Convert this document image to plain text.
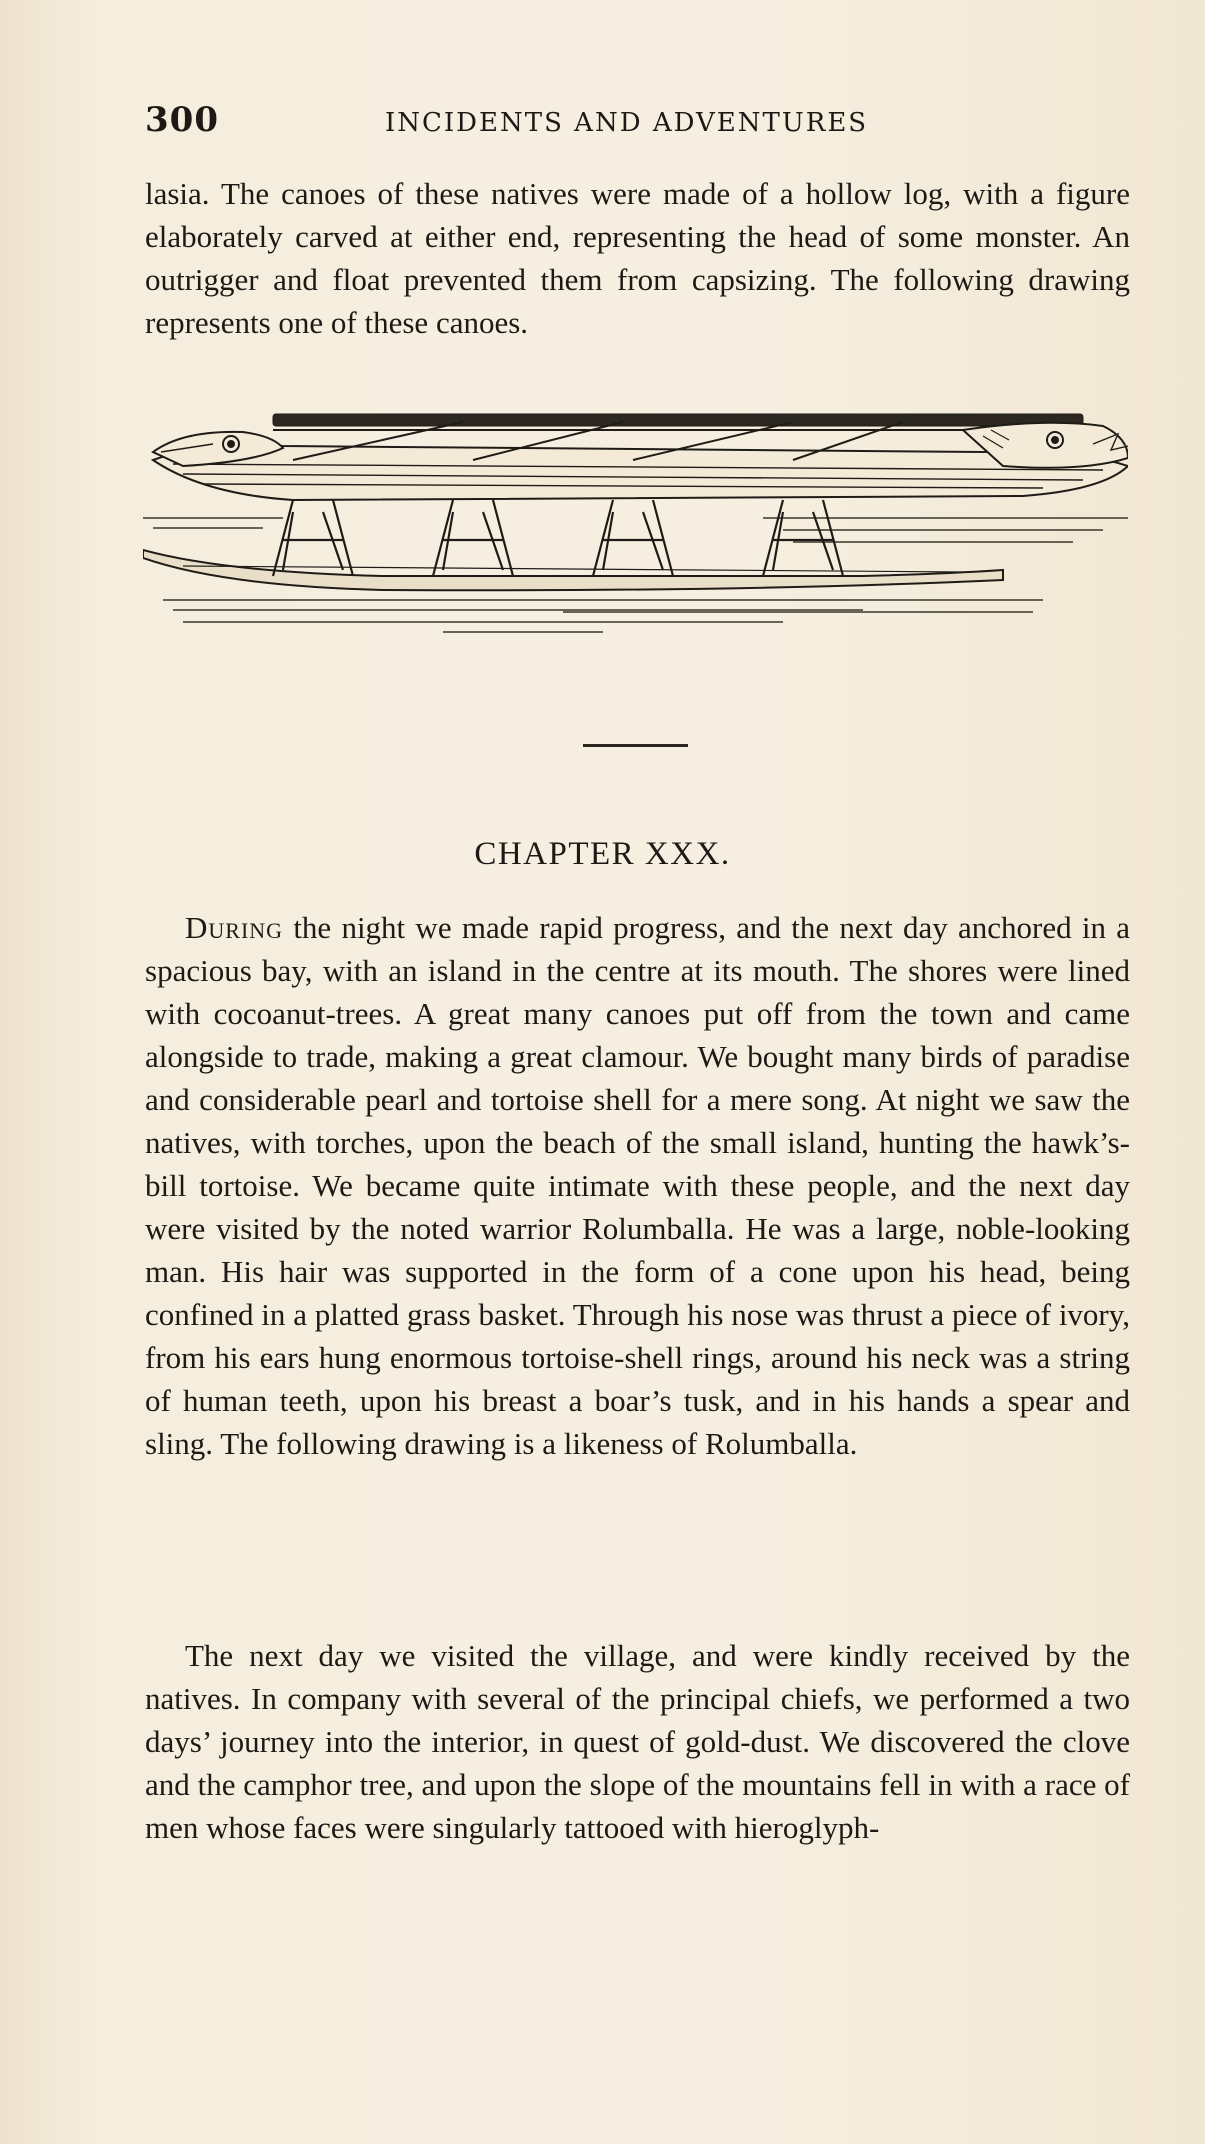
300	INCIDENTS AND ADVENTURES

lasia. The canoes of these natives were made of a hollow log, with a figure elaborately carved at either end, representing the head of some monster. An outrigger and float prevented them from capsizing. The following drawing represents one of these canoes.

CHAPTER XXX.

During the night we made rapid progress, and the next day anchored in a spacious bay, with an island in the centre at its mouth. The shores were lined with cocoanut-trees. A great many canoes put off from the town and came alongside to trade, making a great clamour. We bought many birds of paradise and considerable pearl and tortoise shell for a mere song. At night we saw the natives, with torches, upon the beach of the small island, hunting the hawk’s-bill tortoise. We became quite intimate with these people, and the next day were visited by the noted warrior Rolumballa. He was a large, noble-looking man. His hair was supported in the form of a cone upon his head, being confined in a platted grass basket. Through his nose was thrust a piece of ivory, from his ears hung enormous tortoise-shell rings, around his neck was a string of human teeth, upon his breast a boar’s tusk, and in his hands a spear and sling. The following drawing is a likeness of Rolumballa.

The next day we visited the village, and were kindly received by the natives. In company with several of the principal chiefs, we performed a two days’ journey into the interior, in quest of gold-dust. We discovered the clove and the camphor tree, and upon the slope of the mountains fell in with a race of men whose faces were singularly tattooed with hieroglyph-
